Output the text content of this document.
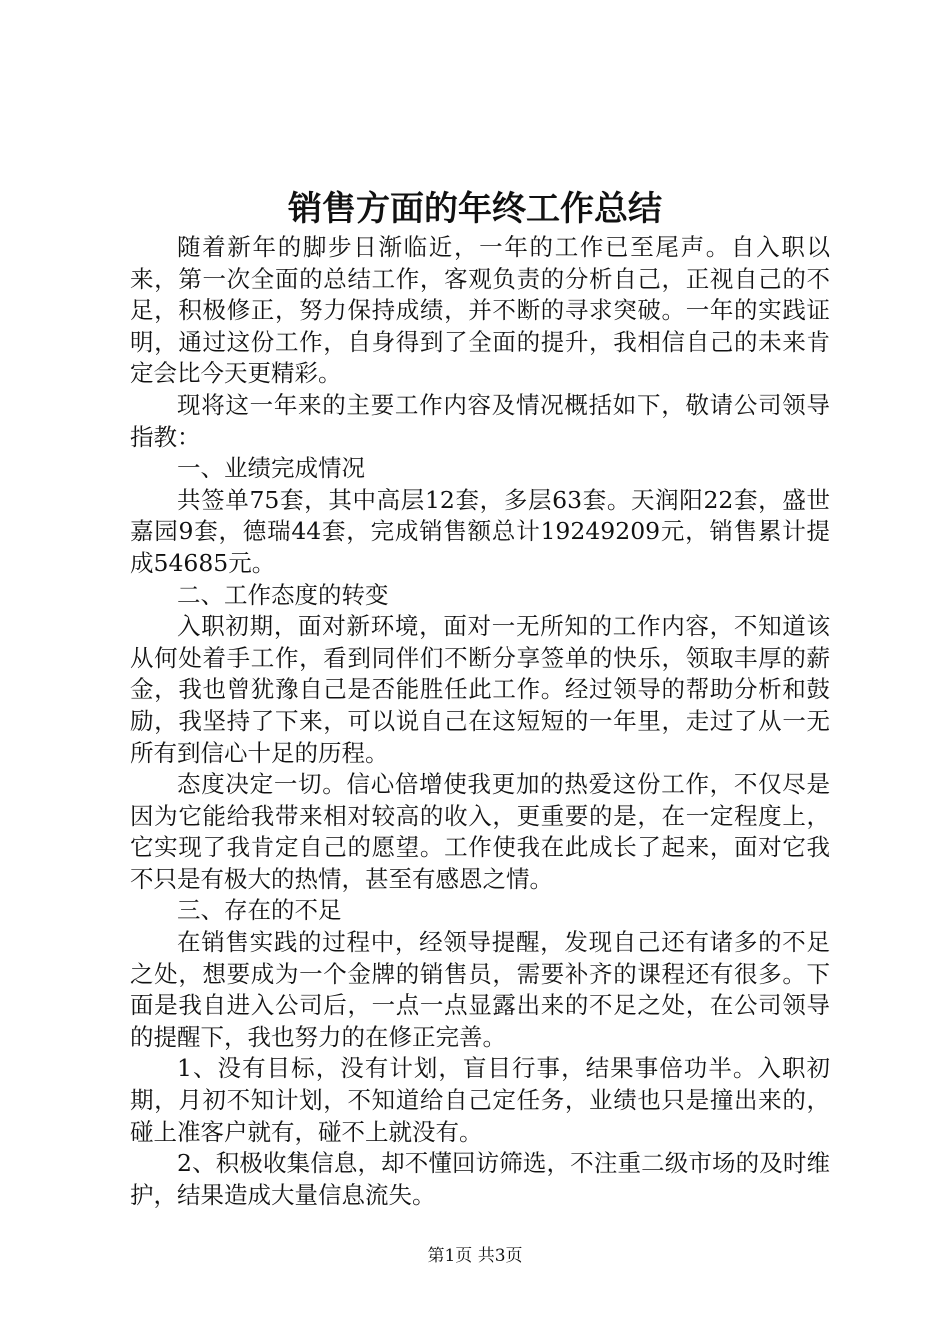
销售方面的年终工作总结

随着新年的脚步日渐临近，一年的工作已至尾声。自入职以来，第一次全面的总结工作，客观负责的分析自己，正视自己的不足，积极修正，努力保持成绩，并不断的寻求突破。一年的实践证明，通过这份工作，自身得到了全面的提升，我相信自己的未来肯定会比今天更精彩。

现将这一年来的主要工作内容及情况概括如下，敬请公司领导指教：

一、业绩完成情况

共签单75套，其中高层12套，多层63套。天润阳22套，盛世嘉园9套，德瑞44套，完成销售额总计19249209元，销售累计提成54685元。

二、工作态度的转变

入职初期，面对新环境，面对一无所知的工作内容，不知道该从何处着手工作，看到同伴们不断分享签单的快乐，领取丰厚的薪金，我也曾犹豫自己是否能胜任此工作。经过领导的帮助分析和鼓励，我坚持了下来，可以说自己在这短短的一年里，走过了从一无所有到信心十足的历程。

态度决定一切。信心倍增使我更加的热爱这份工作，不仅尽是因为它能给我带来相对较高的收入，更重要的是，在一定程度上，它实现了我肯定自己的愿望。工作使我在此成长了起来，面对它我不只是有极大的热情，甚至有感恩之情。

三、存在的不足

在销售实践的过程中，经领导提醒，发现自己还有诸多的不足之处，想要成为一个金牌的销售员，需要补齐的课程还有很多。下面是我自进入公司后，一点一点显露出来的不足之处，在公司领导的提醒下，我也努力的在修正完善。

1、没有目标，没有计划，盲目行事，结果事倍功半。入职初期，月初不知计划，不知道给自己定任务，业绩也只是撞出来的，碰上准客户就有，碰不上就没有。

2、积极收集信息，却不懂回访筛选，不注重二级市场的及时维护，结果造成大量信息流失。

第1页 共3页
